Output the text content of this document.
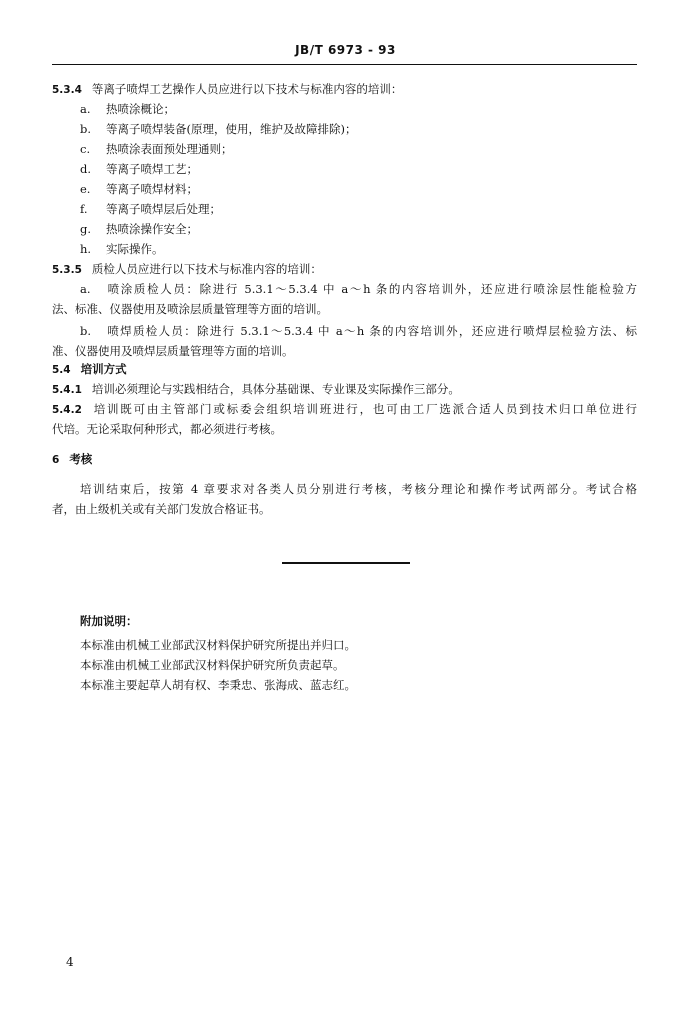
JB/T 6973 - 93
5.3.4 等离子喷焊工艺操作人员应进行以下技术与标准内容的培训：
a. 热喷涂概论；
b. 等离子喷焊装备(原理，使用，维护及故障排除)；
c. 热喷涂表面预处理通则；
d. 等离子喷焊工艺；
e. 等离子喷焊材料；
f. 等离子喷焊层后处理；
g. 热喷涂操作安全；
h. 实际操作。
5.3.5 质检人员应进行以下技术与标准内容的培训：
a. 喷涂质检人员：除进行 5.3.1～5.3.4 中 a～h 条的内容培训外，还应进行喷涂层性能检验方
法、标准、仪器使用及喷涂层质量管理等方面的培训。
b. 喷焊质检人员：除进行 5.3.1～5.3.4 中 a～h 条的内容培训外，还应进行喷焊层检验方法、标
准、仪器使用及喷焊层质量管理等方面的培训。
5.4 培训方式
5.4.1 培训必须理论与实践相结合，具体分基础课、专业课及实际操作三部分。
5.4.2 培训既可由主管部门或标委会组织培训班进行，也可由工厂选派合适人员到技术归口单位进行
代培。无论采取何种形式，都必须进行考核。
6 考核
培训结束后，按第 4 章要求对各类人员分别进行考核，考核分理论和操作考试两部分。考试合格
者，由上级机关或有关部门发放合格证书。
附加说明：
本标准由机械工业部武汉材料保护研究所提出并归口。
本标准由机械工业部武汉材料保护研究所负责起草。
本标准主要起草人胡有权、李秉忠、张海成、蓝志红。
4
